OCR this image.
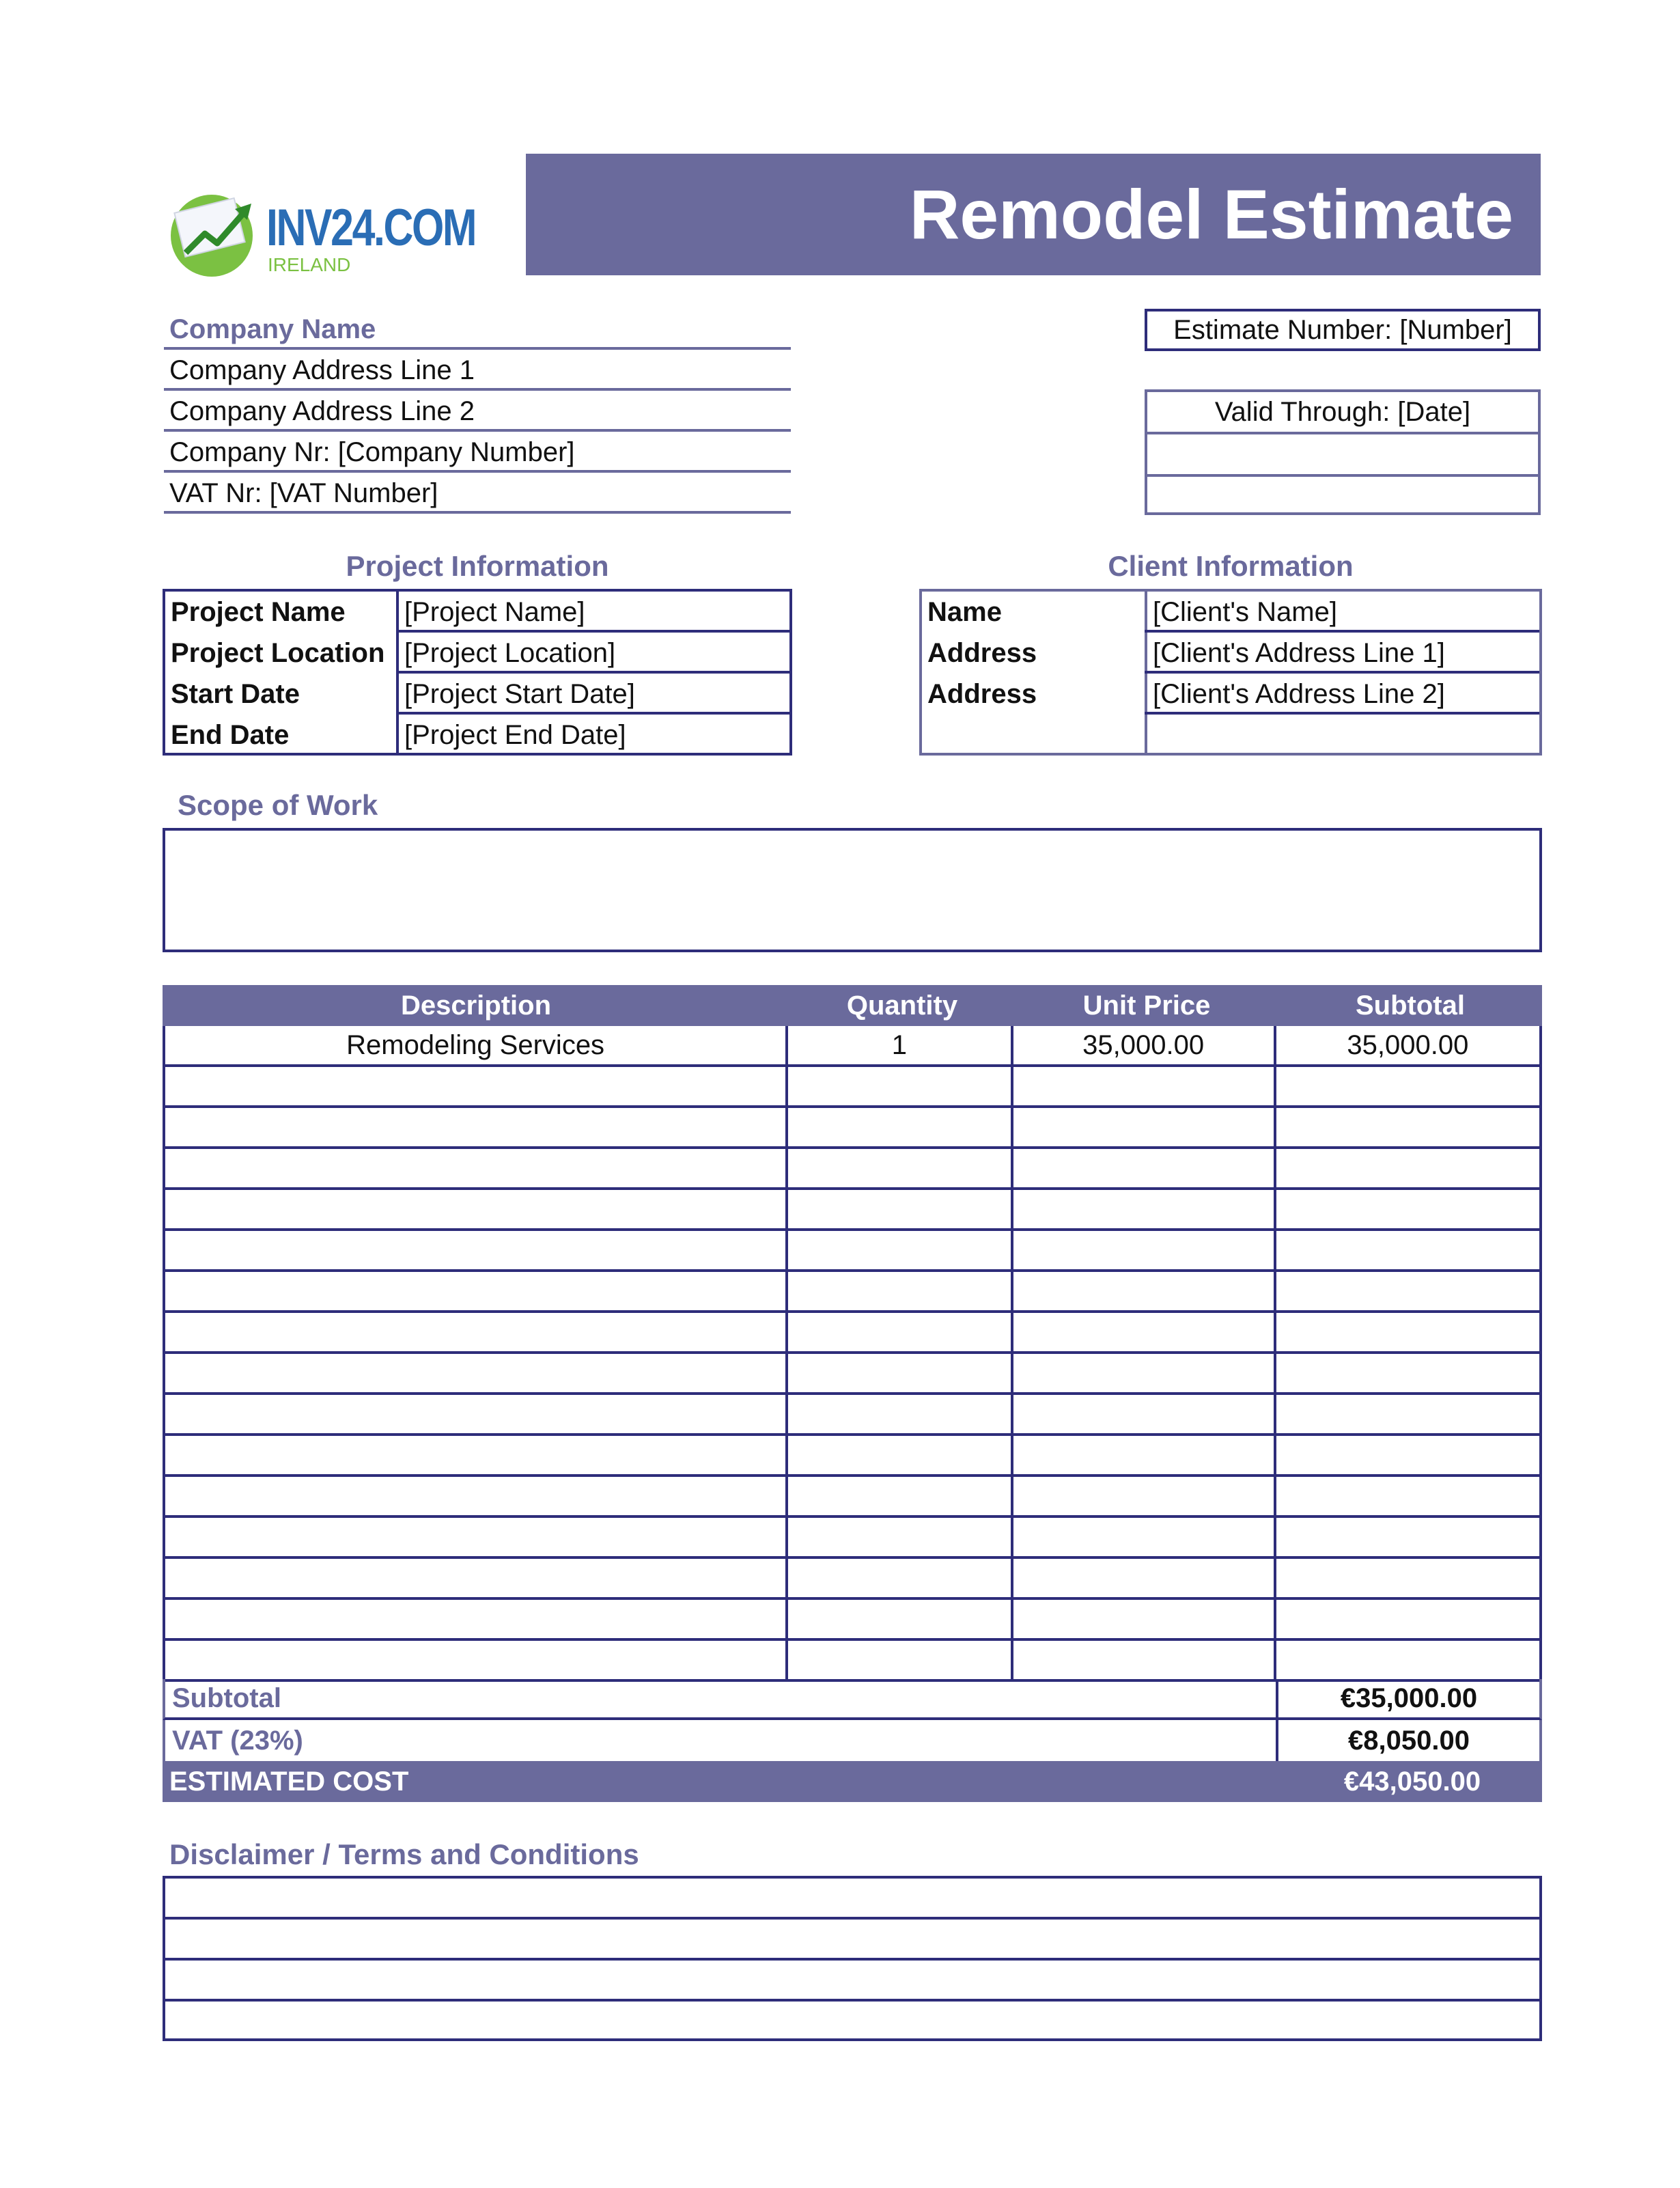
INV24.COM
IRELAND
Remodel Estimate
Company Name
Company Address Line 1
Company Address Line 2
Company Nr: [Company Number]
VAT Nr: [VAT Number]
Estimate Number: [Number]
Valid Through: [Date]
Project Information	Client Information
Project Name [Project Name]
Project Location [Project Location]
Start Date	[Project Start Date]
End Date	[Project End Date]
Name	[Client's Name]
Address	[Client's Address Line 1]
Address	[Client's Address Line 2]
Scope of Work
Description	Quantity	Unit Price	Subtotal
Remodeling Services	1	35,000.00	35,000.00
Subtotal	€35,000.00
VAT (23%)	€8,050.00
ESTIMATED COST	€43,050.00
Disclaimer / Terms and Conditions
